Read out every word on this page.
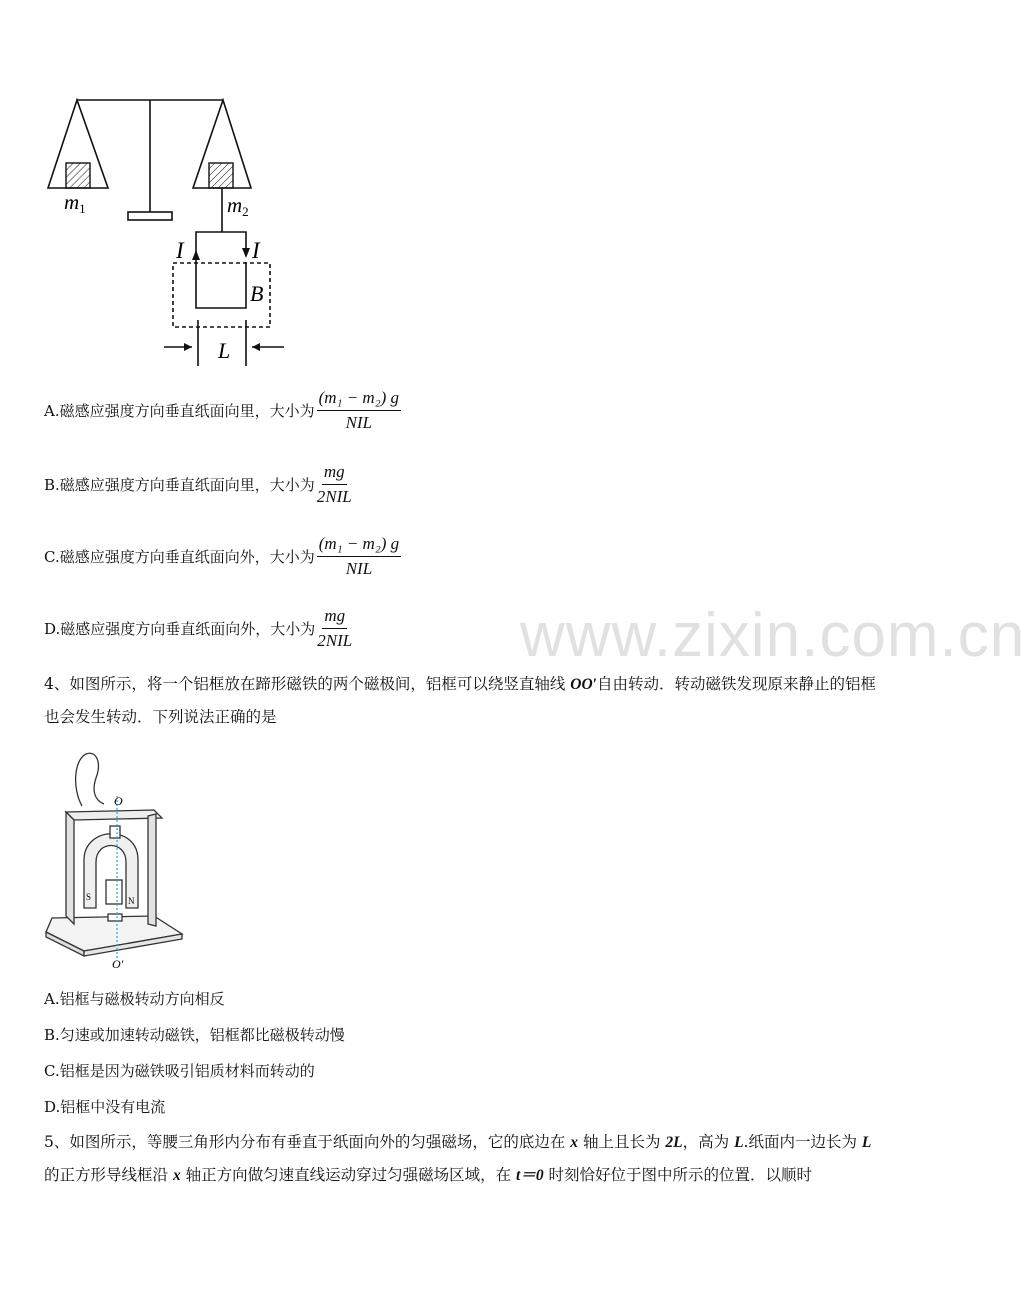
m1	m2
I	I
B
L
A.磁感应强度方向垂直纸面向里，大小为 $\frac{\text{(m₁ − m₂) g}}{\text{NIL}}$
B.磁感应强度方向垂直纸面向里，大小为 $\frac{mg}{\text{2NIL}}$
C.磁感应强度方向垂直纸面向外，大小为 $\frac{\text{(m₁ − m₂) g}}{\text{NIL}}$
D.磁感应强度方向垂直纸面向外，大小为 $\frac{mg}{\text{2NIL}}$	www.zixin.com.cn
4、如图所示，将一个铝框放在蹄形磁铁的两个磁极间，铝框可以绕竖直轴线 OO′自由转动．转动磁铁发现原来静止的铝框也会发生转动．下列说法正确的是
O
O′
S	N
A.铝框与磁极转动方向相反
B.匀速或加速转动磁铁，铝框都比磁极转动慢
C.铝框是因为磁铁吸引铝质材料而转动的
D.铝框中没有电流
5、如图所示，等腰三角形内分布有垂直于纸面向外的匀强磁场，它的底边在 x 轴上且长为 2L，高为 L.纸面内一边长为 L 的正方形导线框沿 x 轴正方向做匀速直线运动穿过匀强磁场区域，在 t＝0 时刻恰好位于图中所示的位置．以顺时
